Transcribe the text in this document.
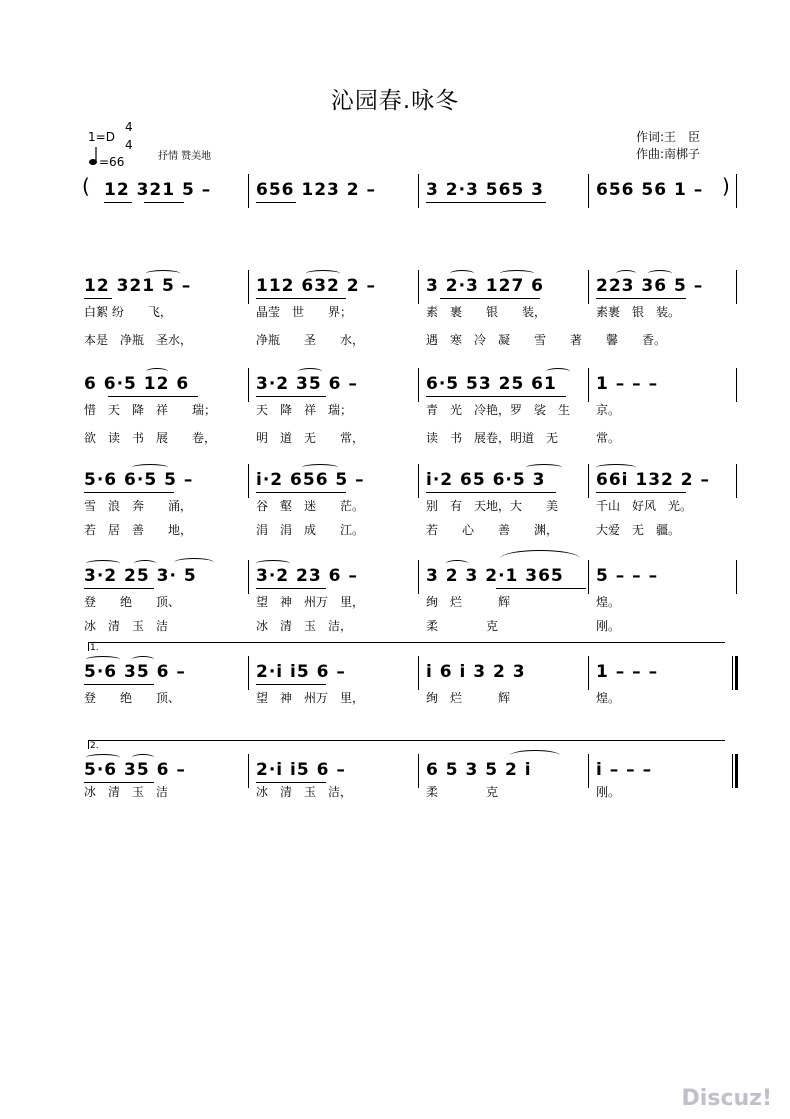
沁园春.咏冬
1=D
4
4
=66	抒情 赞美地
作词:王　臣
作曲:南梆子
( 12 321 5 –	656 123 2 –	3 2·3 565 3	656 56 1 – )
12 321 5 –	112 632 2 –	3 2·3 127 6	223 36 5 –
白絮 纷　　飞，	晶莹　世　　界；	素　裹　　银　　装，	素裹　银　装。
本是　净瓶　圣水，	净瓶　　圣　　水，	遇　寒　冷　凝　　雪　　著　　馨　　香。
6 6·5 12 6	3·2 35 6 –	6·5 53 25 61 1 – – –
惜　天　降　祥　　瑞；	天　降　祥　瑞；	青　光　冷艳，罗　裟　生 京。
欲　读　书　展　　卷，	明　道　无　　常，	读　书　展卷，明道　无	常。
5·6 6·5 5 –	i·2 656 5 –	i·2 65 6·5 3	66i 132 2 –
雪　浪　奔　　涌，	谷　壑　迷　　茫。	别　有　天地，大　　美	千山　好风　光。
若　居　善　　地，	涓　涓　成　　江。	若　　心　　善　　渊，	大爱　无　疆。
3·2 25 3· 5	3·2 23 6 –	3 2 3 2·1 365 5 – – –
登　　绝　　顶、	望　神　州万　里，	绚　烂　　　辉	煌。
冰　清　玉　洁	冰　清　玉　洁，	柔　　　　克	刚。
1.
5·6 35 6 –	2·i i5 6 –	i 6 i 3 2 3	1 – – –
登　　绝　　顶、	望　神　州万　里，	绚　烂　　　辉	煌。
2.
5·6 35 6 –	2·i i5 6 –	6 5 3 5 2 i	i – – –
冰　清　玉　洁	冰　清　玉　洁，	柔　　　　克	刚。
Discuz!
